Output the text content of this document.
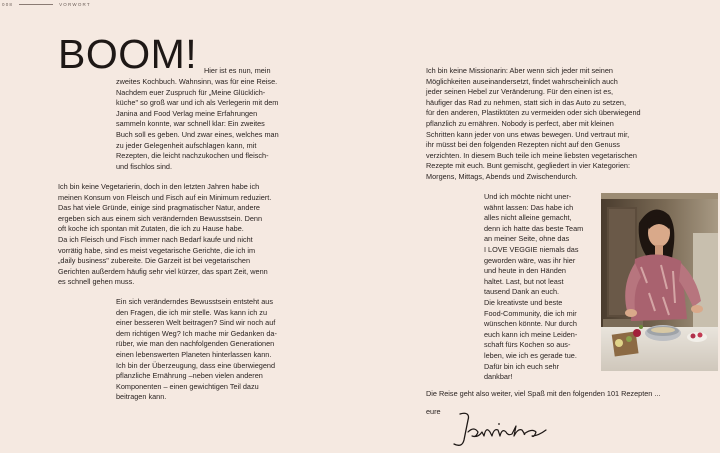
008	VORWORT
BOOM! Hier ist es nun, mein

zweites Kochbuch. Wahnsinn, was für eine Reise.
Nachdem euer Zuspruch für „Meine Glücklich-
küche" so groß war und ich als Verlegerin mit dem
Janina and Food Verlag meine Erfahrungen
sammeln konnte, war schnell klar: Ein zweites
Buch soll es geben. Und zwar eines, welches man
zu jeder Gelegenheit aufschlagen kann, mit
Rezepten, die leicht nachzukochen und fleisch-
und fischlos sind.
Ich bin keine Vegetarierin, doch in den letzten Jahren habe ich
meinen Konsum von Fleisch und Fisch auf ein Minimum reduziert.
Das hat viele Gründe, einige sind pragmatischer Natur, andere
ergeben sich aus einem sich verändernden Bewusstsein. Denn
oft koche ich spontan mit Zutaten, die ich zu Hause habe.
Da ich Fleisch und Fisch immer nach Bedarf kaufe und nicht
vorrätig habe, sind es meist vegetarische Gerichte, die ich im
„daily business" zubereite. Die Garzeit ist bei vegetarischen
Gerichten außerdem häufig sehr viel kürzer, das spart Zeit, wenn
es schnell gehen muss.
Ein sich veränderndes Bewusstsein entsteht aus
den Fragen, die ich mir stelle. Was kann ich zu
einer besseren Welt beitragen? Sind wir noch auf
dem richtigen Weg? Ich mache mir Gedanken da-
rüber, wie man den nachfolgenden Generationen
einen lebenswerten Planeten hinterlassen kann.
Ich bin der Überzeugung, dass eine überwiegend
pflanzliche Ernährung –neben vielen anderen
Komponenten – einen gewichtigen Teil dazu
beitragen kann.
Ich bin keine Missionarin: Aber wenn sich jeder mit seinen
Möglichkeiten auseinandersetzt, findet wahrscheinlich auch
jeder seinen Hebel zur Veränderung. Für den einen ist es,
häufiger das Rad zu nehmen, statt sich in das Auto zu setzen,
für den anderen, Plastiktüten zu vermeiden oder sich überwiegend
pflanzlich zu ernähren. Nobody is perfect, aber mit kleinen
Schritten kann jeder von uns etwas bewegen. Und vertraut mir,
ihr müsst bei den folgenden Rezepten nicht auf den Genuss
verzichten. In diesem Buch teile ich meine liebsten vegetarischen
Rezepte mit euch. Bunt gemischt, gegliedert in vier Kategorien:
Morgens, Mittags, Abends und Zwischendurch.
Und ich möchte nicht uner-
wähnt lassen: Das habe ich
alles nicht alleine gemacht,
denn ich hatte das beste Team
an meiner Seite, ohne das
I LOVE VEGGIE niemals das
geworden wäre, was ihr hier
und heute in den Händen
haltet. Last, but not least
tausend Dank an euch.
Die kreativste und beste
Food-Community, die ich mir
wünschen könnte. Nur durch
euch kann ich meine Leiden-
schaft fürs Kochen so aus-
leben, wie ich es gerade tue.
Dafür bin ich euch sehr
dankbar!

Die Reise geht also weiter, viel Spaß mit den folgenden 101 Rezepten ...

eure
